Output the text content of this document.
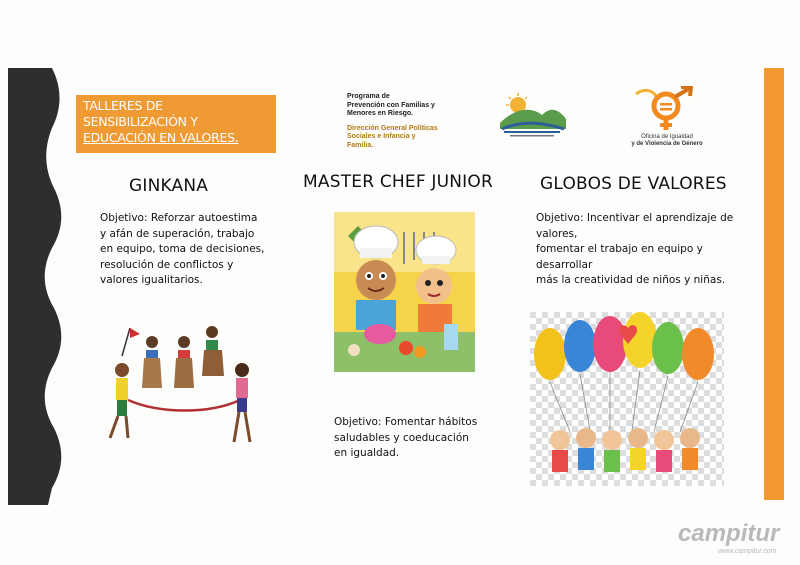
TALLERES DE
SENSIBILIZACIÓN Y
EDUCACIÓN EN VALORES.
Programa de
Prevención con Familias y
Menores en Riesgo.
Dirección General Políticas
Sociales e Infancia y Familia.
Oficina de Igualdad
y de Violencia de Género
GINKANA
Objetivo: Reforzar autoestima
y afán de superación, trabajo
en equipo, toma de decisiones,
resolución de conflictos y
valores igualitarios.
MASTER CHEF JUNIOR
Objetivo: Fomentar hábitos
saludables y coeducación
en igualdad.
GLOBOS DE VALORES
Objetivo: Incentivar el aprendizaje de
valores,
fomentar el trabajo en equipo y
desarrollar
más la creatividad de niños y niñas.
campitur
www.campitur.com
